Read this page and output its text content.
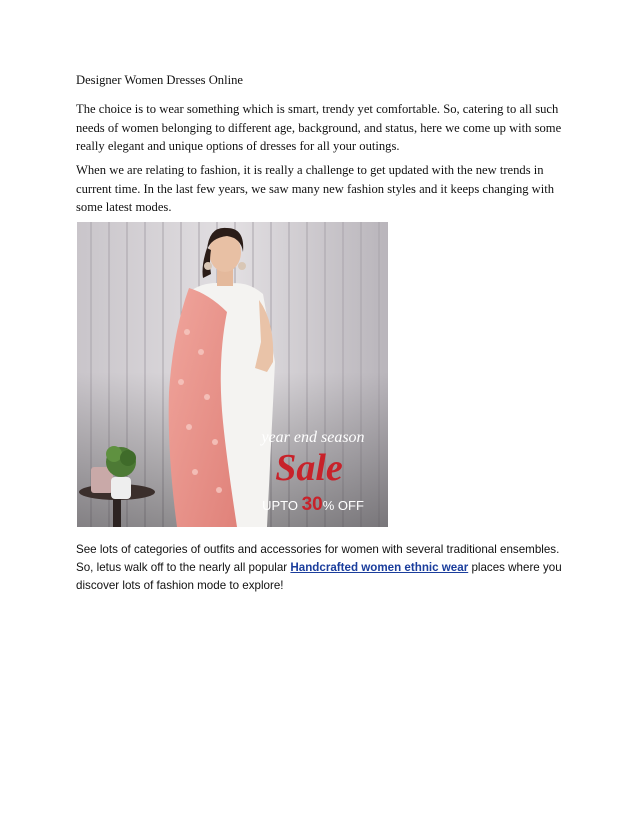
Designer Women Dresses Online
The choice is to wear something which is smart, trendy yet comfortable. So, catering to all such needs of women belonging to different age, background, and status, here we come up with some really elegant and unique options of dresses for all your outings.
When we are relating to fashion, it is really a challenge to get updated with the new trends in current time. In the last few years, we saw many new fashion styles and it keeps changing with some latest modes.
year end season
Sale
UPTO 30% OFF
See lots of categories of outfits and accessories for women with several traditional ensembles. So, letus walk off to the nearly all popular Handcrafted women ethnic wear places where you discover lots of fashion mode to explore!
